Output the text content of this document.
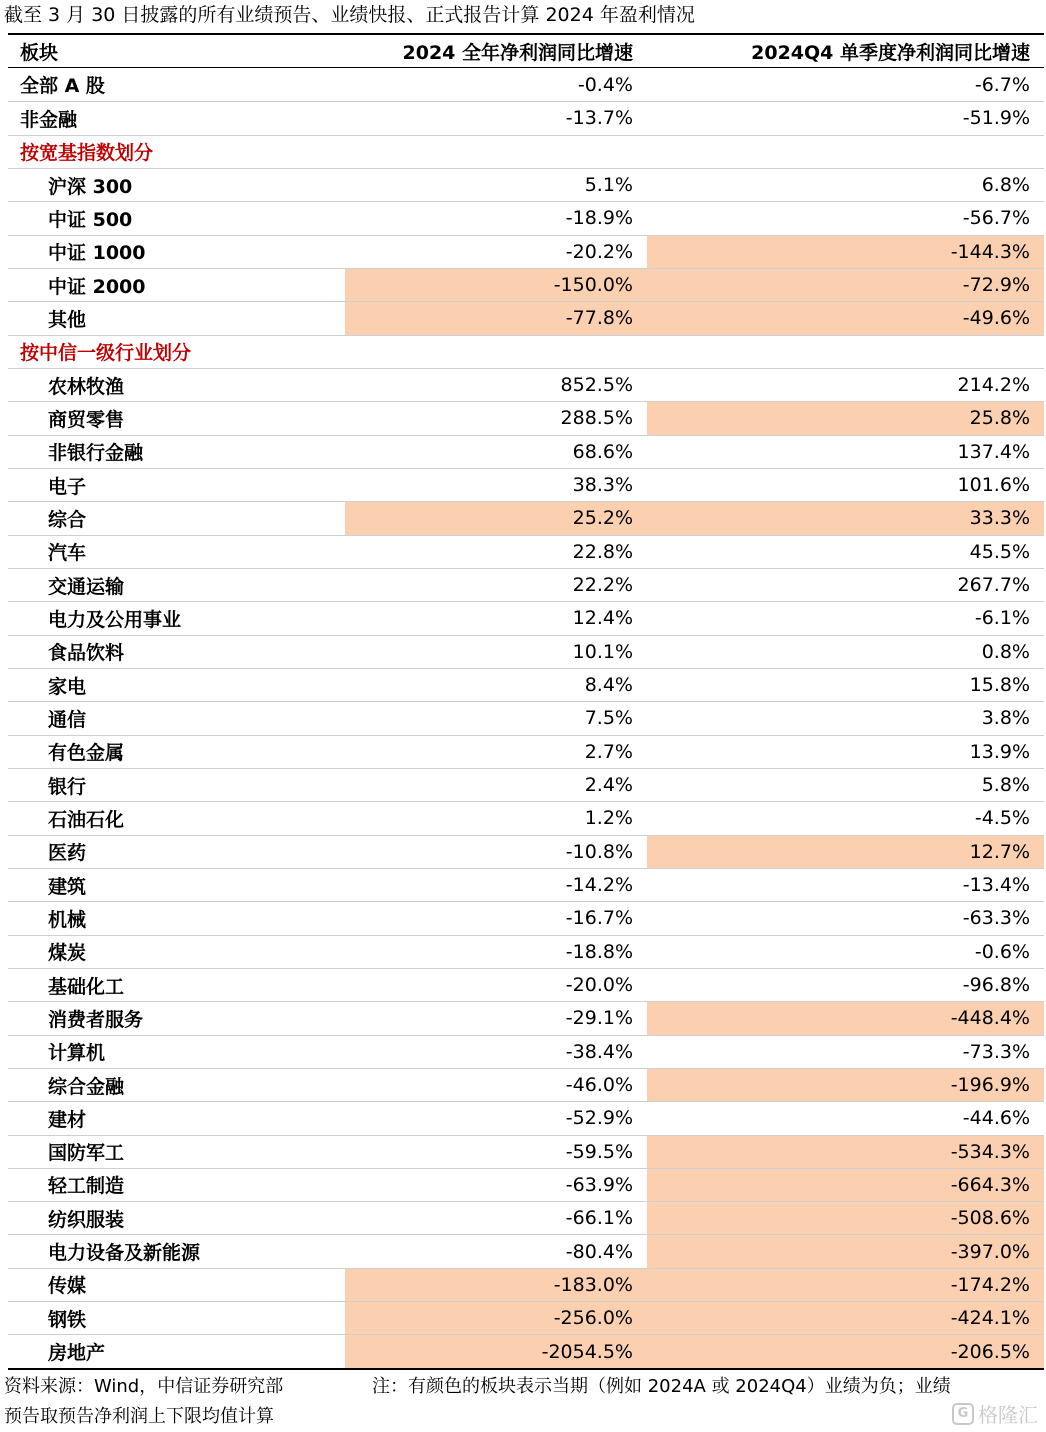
截至 3 月 30 日披露的所有业绩预告、业绩快报、正式报告计算 2024 年盈利情况
板块	2024 全年净利润同比增速	2024Q4 单季度净利润同比增速
全部 A 股	-0.4%	-6.7%
非金融	-13.7%	-51.9%
按宽基指数划分
沪深 300	5.1%	6.8%
中证 500	-18.9%	-56.7%
中证 1000	-20.2%	-144.3%
中证 2000	-150.0%	-72.9%
其他	-77.8%	-49.6%
按中信一级行业划分
农林牧渔	852.5%	214.2%
商贸零售	288.5%	25.8%
非银行金融	68.6%	137.4%
电子	38.3%	101.6%
综合	25.2%	33.3%
汽车	22.8%	45.5%
交通运输	22.2%	267.7%
电力及公用事业	12.4%	-6.1%
食品饮料	10.1%	0.8%
家电	8.4%	15.8%
通信	7.5%	3.8%
有色金属	2.7%	13.9%
银行	2.4%	5.8%
石油石化	1.2%	-4.5%
医药	-10.8%	12.7%
建筑	-14.2%	-13.4%
机械	-16.7%	-63.3%
煤炭	-18.8%	-0.6%
基础化工	-20.0%	-96.8%
消费者服务	-29.1%	-448.4%
计算机	-38.4%	-73.3%
综合金融	-46.0%	-196.9%
建材	-52.9%	-44.6%
国防军工	-59.5%	-534.3%
轻工制造	-63.9%	-664.3%
纺织服装	-66.1%	-508.6%
电力设备及新能源	-80.4%	-397.0%
传媒	-183.0%	-174.2%
钢铁	-256.0%	-424.1%
房地产	-2054.5%	-206.5%
资料来源：Wind，中信证券研究部	注：有颜色的板块表示当期（例如 2024A 或 2024Q4）业绩为负；业绩
预告取预告净利润上下限均值计算	G 格隆汇
